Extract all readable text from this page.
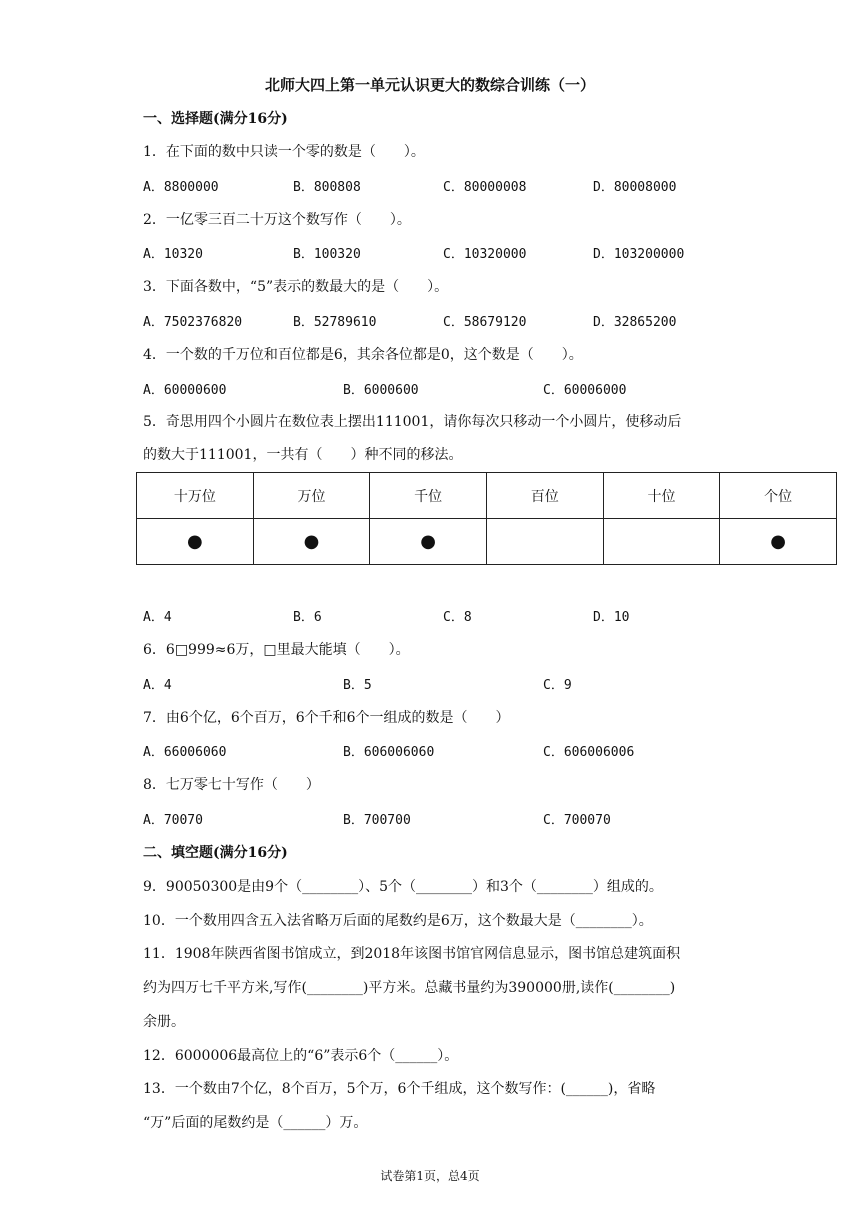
北师大四上第一单元认识更大的数综合训练（一）
一、选择题(满分16分)
1．在下面的数中只读一个零的数是（　　）。
A．8800000	B．800808	C．80000008	D．80008000
2．一亿零三百二十万这个数写作（　　）。
A．10320	B．100320	C．10320000	D．103200000
3．下面各数中，“5”表示的数最大的是（　　）。
A．7502376820	B．52789610	C．58679120	D．32865200
4．一个数的千万位和百位都是6，其余各位都是0，这个数是（　　）。
A．60000600	B．6000600	C．60006000
5．奇思用四个小圆片在数位表上摆出111001，请你每次只移动一个小圆片，使移动后
的数大于111001，一共有（　　）种不同的移法。
十万位	万位	千位	百位	十位	个位
●	●	●			●
A．4	B．6	C．8	D．10
6．6□999≈6万，□里最大能填（　　）。
A．4	B．5	C．9
7．由6个亿，6个百万，6个千和6个一组成的数是（　　）
A．66006060	B．606006060	C．606006006
8．七万零七十写作（　　）
A．70070	B．700700	C．700070
二、填空题(满分16分)
9．90050300是由9个（________）、5个（________）和3个（________）组成的。
10．一个数用四含五入法省略万后面的尾数约是6万，这个数最大是（________）。
11．1908年陕西省图书馆成立，到2018年该图书馆官网信息显示，图书馆总建筑面积
约为四万七千平方米,写作(________)平方米。总藏书量约为390000册,读作(________)
余册。
12．6000006最高位上的“6”表示6个（______）。
13．一个数由7个亿，8个百万，5个万，6个千组成，这个数写作：(______)，省略
“万”后面的尾数约是（______）万。
试卷第1页，总4页
